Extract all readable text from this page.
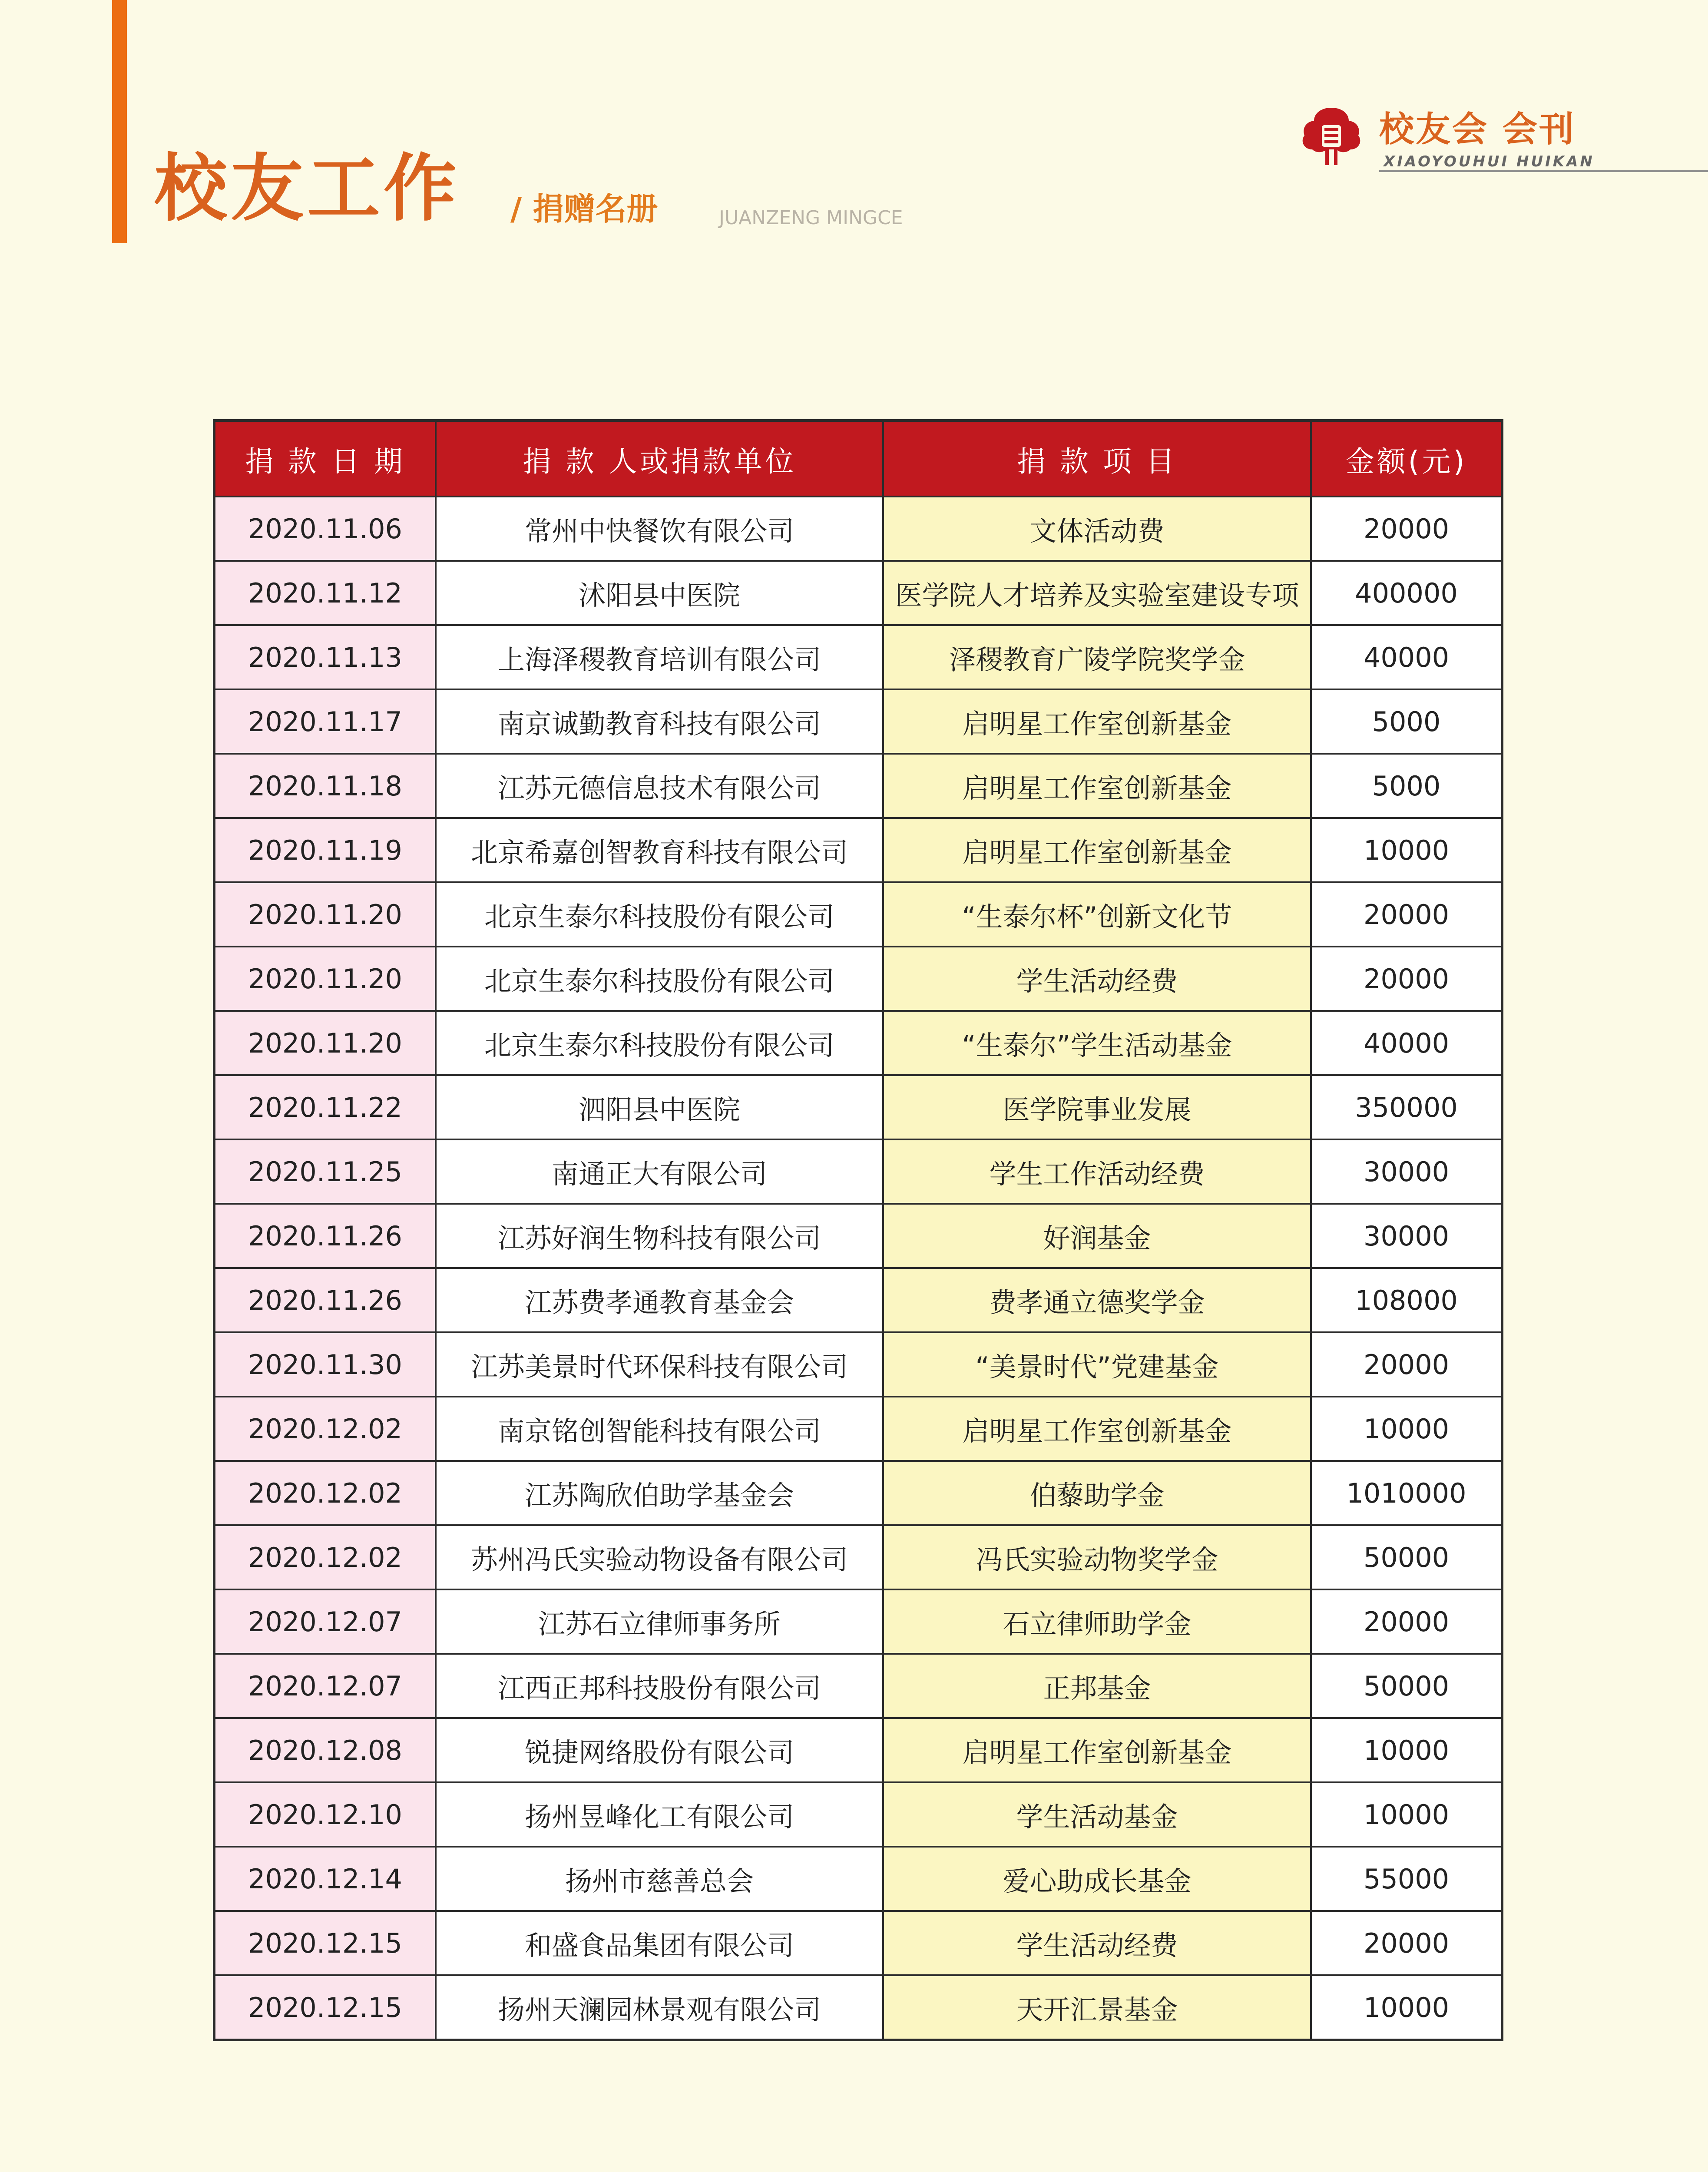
校友工作 / 捐赠名册	JUANZENG MINGCE
校友会 会刊
XIAOYOUHUI HUIKAN
捐 款 日 期	捐 款 人或捐款单位	捐 款 项 目	金额(元)
2020.11.06	常州中快餐饮有限公司	文体活动费	20000
2020.11.12	沭阳县中医院	医学院人才培养及实验室建设专项	400000
2020.11.13	上海泽稷教育培训有限公司	泽稷教育广陵学院奖学金	40000
2020.11.17	南京诚勤教育科技有限公司	启明星工作室创新基金	5000
2020.11.18	江苏元德信息技术有限公司	启明星工作室创新基金	5000
2020.11.19	北京希嘉创智教育科技有限公司	启明星工作室创新基金	10000
2020.11.20	北京生泰尔科技股份有限公司	“生泰尔杯”创新文化节	20000
2020.11.20	北京生泰尔科技股份有限公司	学生活动经费	20000
2020.11.20	北京生泰尔科技股份有限公司	“生泰尔”学生活动基金	40000
2020.11.22	泗阳县中医院	医学院事业发展	350000
2020.11.25	南通正大有限公司	学生工作活动经费	30000
2020.11.26	江苏好润生物科技有限公司	好润基金	30000
2020.11.26	江苏费孝通教育基金会	费孝通立德奖学金	108000
2020.11.30	江苏美景时代环保科技有限公司	“美景时代”党建基金	20000
2020.12.02	南京铭创智能科技有限公司	启明星工作室创新基金	10000
2020.12.02	江苏陶欣伯助学基金会	伯藜助学金	1010000
2020.12.02	苏州冯氏实验动物设备有限公司	冯氏实验动物奖学金	50000
2020.12.07	江苏石立律师事务所	石立律师助学金	20000
2020.12.07	江西正邦科技股份有限公司	正邦基金	50000
2020.12.08	锐捷网络股份有限公司	启明星工作室创新基金	10000
2020.12.10	扬州昱峰化工有限公司	学生活动基金	10000
2020.12.14	扬州市慈善总会	爱心助成长基金	55000
2020.12.15	和盛食品集团有限公司	学生活动经费	20000
2020.12.15	扬州天澜园林景观有限公司	天开汇景基金	10000
